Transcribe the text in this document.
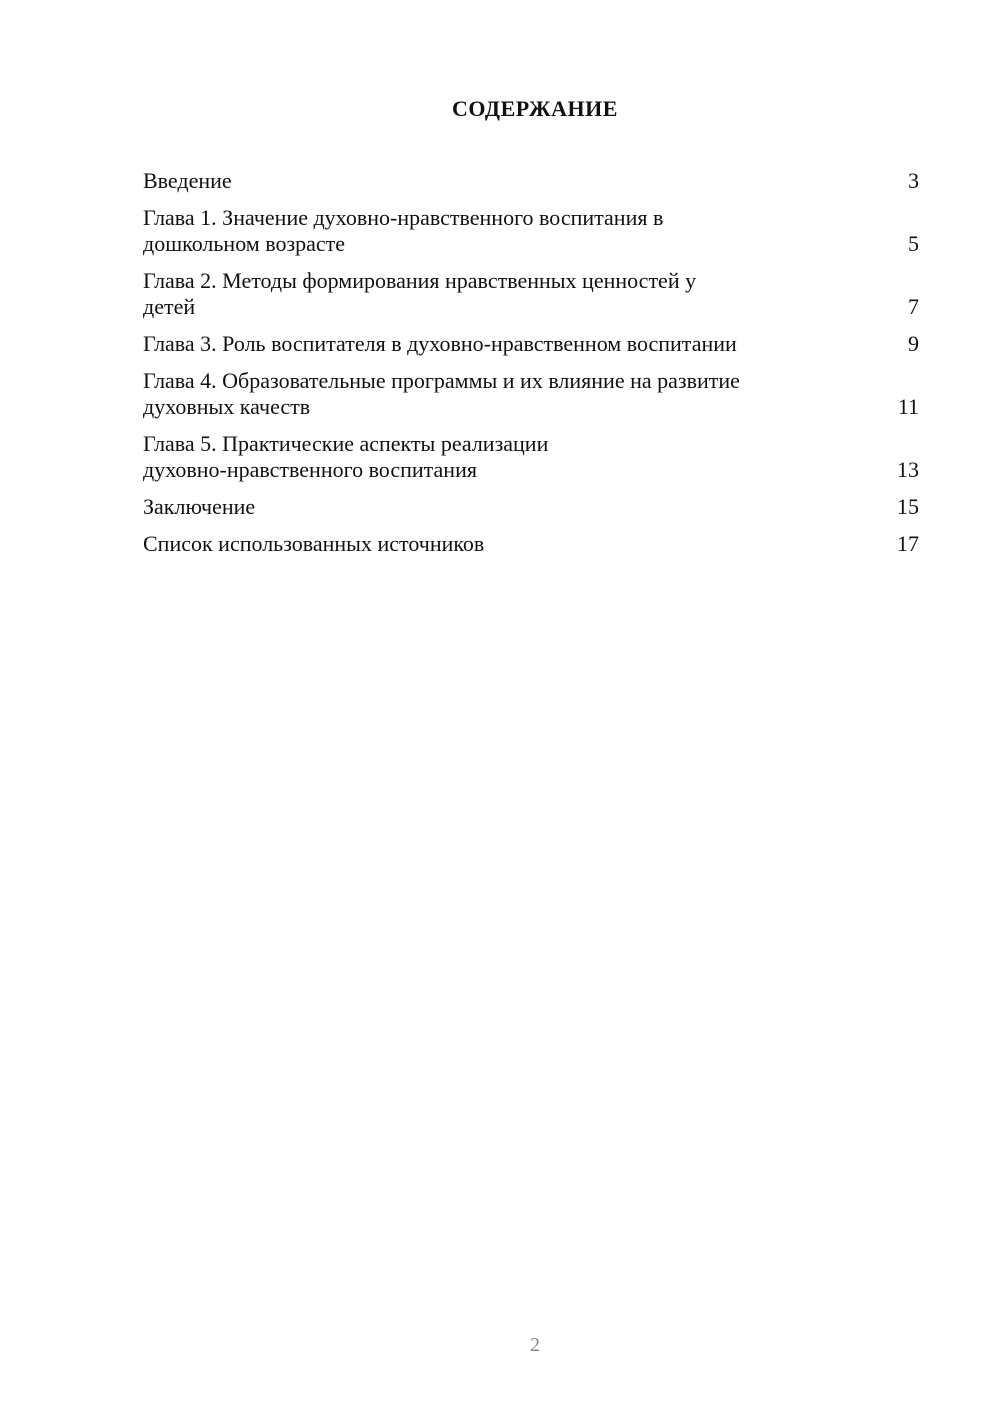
СОДЕРЖАНИЕ
Введение	3
Глава 1. Значение духовно-нравственного воспитания в
дошкольном возрасте	5
Глава 2. Методы формирования нравственных ценностей у
детей	7
Глава 3. Роль воспитателя в духовно-нравственном воспитании	9
Глава 4. Образовательные программы и их влияние на развитие
духовных качеств	11
Глава 5. Практические аспекты реализации
духовно-нравственного воспитания	13
Заключение	15
Список использованных источников	17
2
